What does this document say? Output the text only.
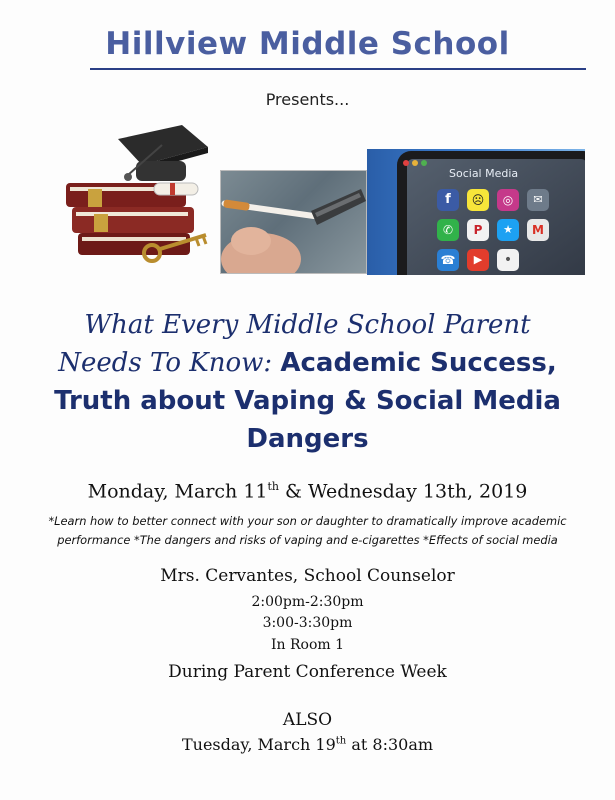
Hillview Middle School
Presents...
Social Media
f	☹	◎	✉
✆	P	★	M
☎	▶	•
What Every Middle School Parent
Needs To Know: Academic Success,
Truth about Vaping & Social Media
Dangers
Monday, March 11th & Wednesday 13th, 2019
*Learn how to better connect with your son or daughter to dramatically improve academic
performance *The dangers and risks of vaping and e-cigarettes *Effects of social media
Mrs. Cervantes, School Counselor
2:00pm-2:30pm
3:00-3:30pm
In Room 1
During Parent Conference Week
ALSO
Tuesday, March 19th at 8:30am
